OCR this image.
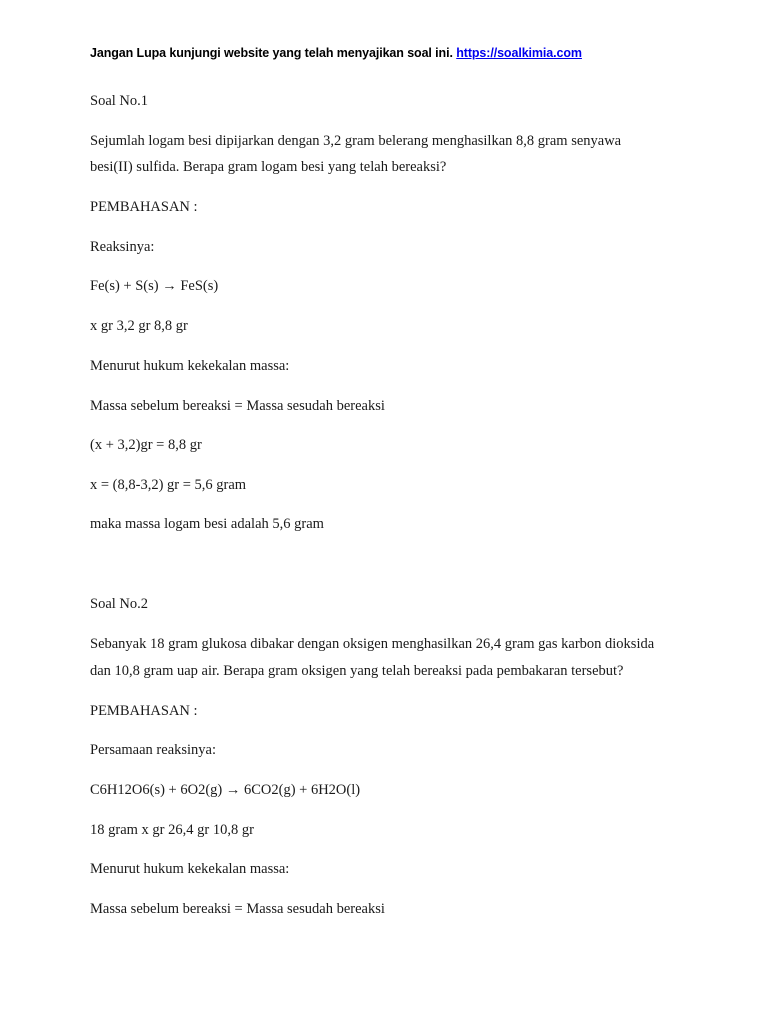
Jangan Lupa kunjungi website yang telah menyajikan soal ini. https://soalkimia.com
Soal No.1
Sejumlah logam besi dipijarkan dengan 3,2 gram belerang menghasilkan 8,8 gram senyawa
besi(II) sulfida. Berapa gram logam besi yang telah bereaksi?
PEMBAHASAN :
Reaksinya:
Fe(s) + S(s) → FeS(s)
x gr 3,2 gr 8,8 gr
Menurut hukum kekekalan massa:
Massa sebelum bereaksi = Massa sesudah bereaksi
(x + 3,2)gr = 8,8 gr
x = (8,8-3,2) gr = 5,6 gram
maka massa logam besi adalah 5,6 gram
Soal No.2
Sebanyak 18 gram glukosa dibakar dengan oksigen menghasilkan 26,4 gram gas karbon dioksida
dan 10,8 gram uap air. Berapa gram oksigen yang telah bereaksi pada pembakaran tersebut?
PEMBAHASAN :
Persamaan reaksinya:
C6H12O6(s) + 6O2(g) → 6CO2(g) + 6H2O(l)
18 gram x gr 26,4 gr 10,8 gr
Menurut hukum kekekalan massa:
Massa sebelum bereaksi = Massa sesudah bereaksi
